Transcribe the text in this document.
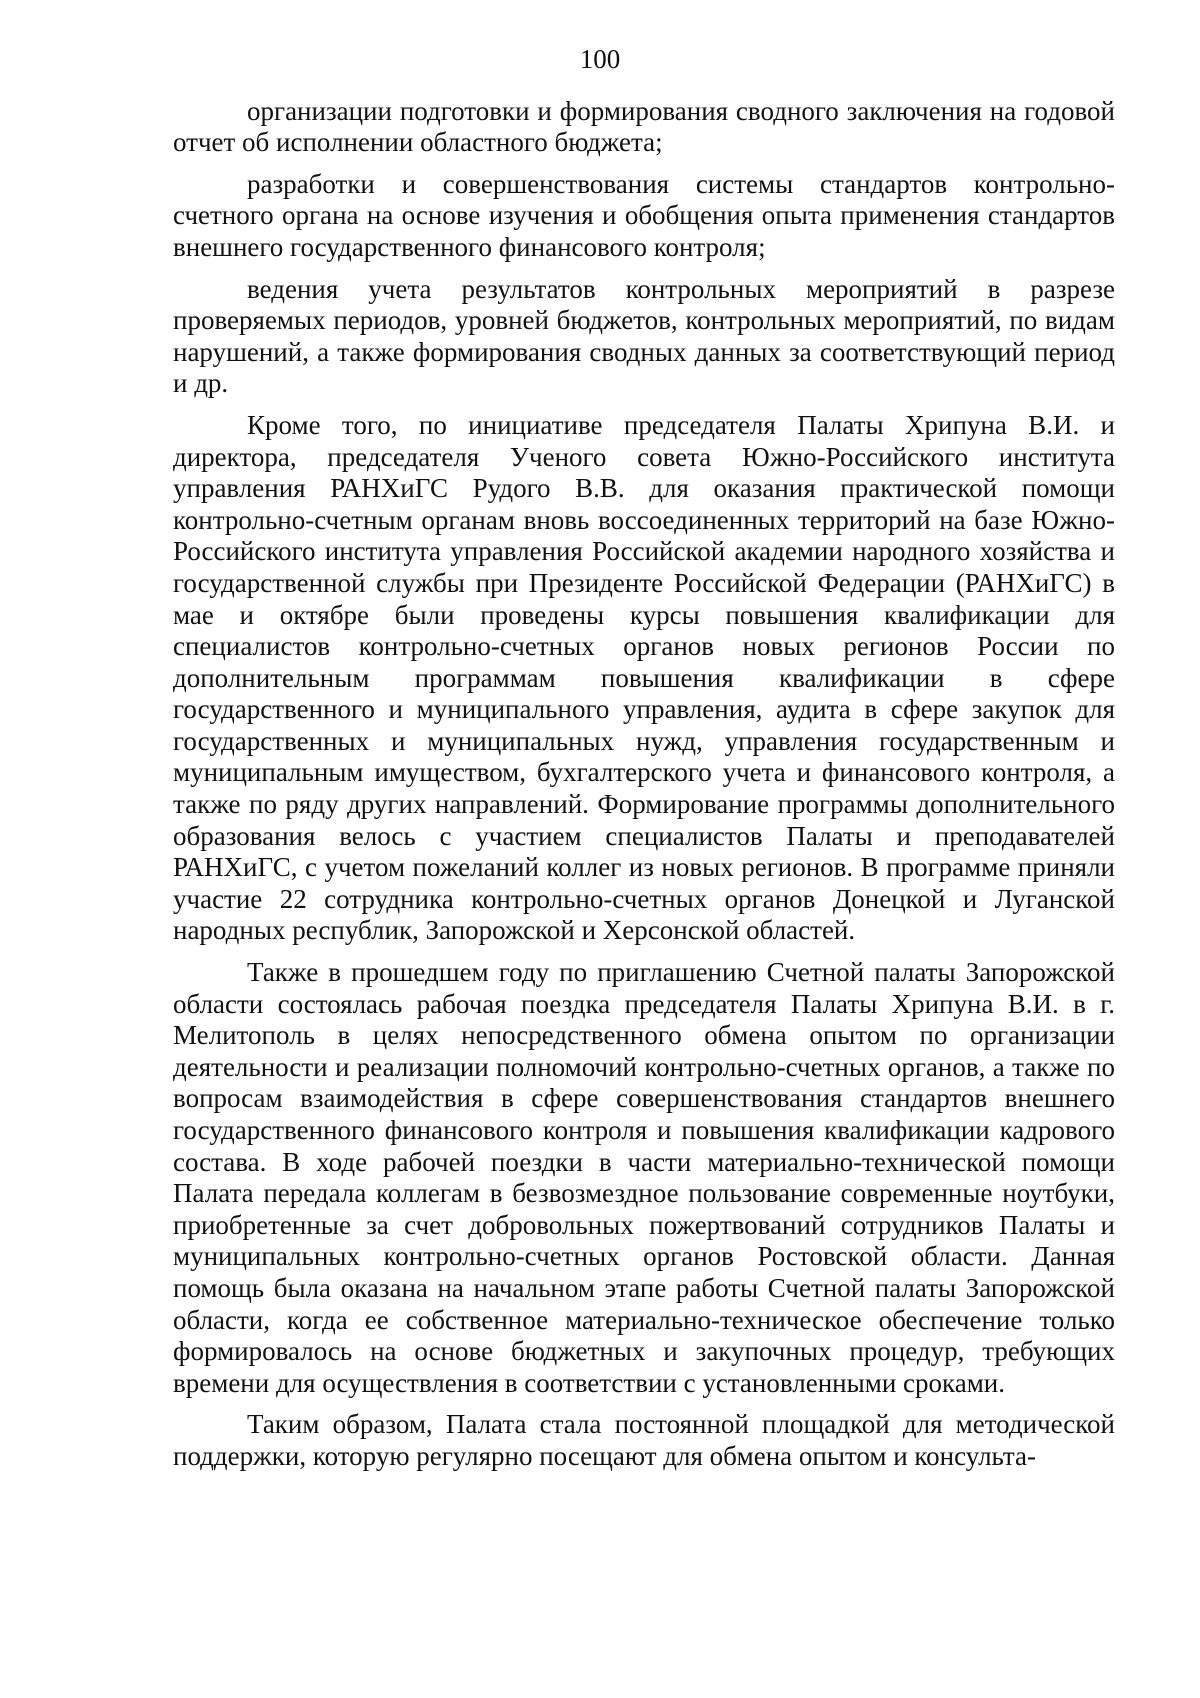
100

организации подготовки и формирования сводного заключения на годовой отчет об исполнении областного бюджета;

разработки и совершенствования системы стандартов контрольно-счетного органа на основе изучения и обобщения опыта применения стандартов внешнего государственного финансового контроля;

ведения учета результатов контрольных мероприятий в разрезе проверяемых периодов, уровней бюджетов, контрольных мероприятий, по видам нарушений, а также формирования сводных данных за соответствующий период и др.

Кроме того, по инициативе председателя Палаты Хрипуна В.И. и директора, председателя Ученого совета Южно-Российского института управления РАНХиГС Рудого В.В. для оказания практической помощи контрольно-счетным органам вновь воссоединенных территорий на базе Южно-Российского института управления Российской академии народного хозяйства и государственной службы при Президенте Российской Федерации (РАНХиГС) в мае и октябре были проведены курсы повышения квалификации для специалистов контрольно-счетных органов новых регионов России по дополнительным программам повышения квалификации в сфере государственного и муниципального управления, аудита в сфере закупок для государственных и муниципальных нужд, управления государственным и муниципальным имуществом, бухгалтерского учета и финансового контроля, а также по ряду других направлений. Формирование программы дополнительного образования велось с участием специалистов Палаты и преподавателей РАНХиГС, с учетом пожеланий коллег из новых регионов. В программе приняли участие 22 сотрудника контрольно-счетных органов Донецкой и Луганской народных республик, Запорожской и Херсонской областей.

Также в прошедшем году по приглашению Счетной палаты Запорожской области состоялась рабочая поездка председателя Палаты Хрипуна В.И. в г. Мелитополь в целях непосредственного обмена опытом по организации деятельности и реализации полномочий контрольно-счетных органов, а также по вопросам взаимодействия в сфере совершенствования стандартов внешнего государственного финансового контроля и повышения квалификации кадрового состава. В ходе рабочей поездки в части материально-технической помощи Палата передала коллегам в безвозмездное пользование современные ноутбуки, приобретенные за счет добровольных пожертвований сотрудников Палаты и муниципальных контрольно-счетных органов Ростовской области. Данная помощь была оказана на начальном этапе работы Счетной палаты Запорожской области, когда ее собственное материально-техническое обеспечение только формировалось на основе бюджетных и закупочных процедур, требующих времени для осуществления в соответствии с установленными сроками.

Таким образом, Палата стала постоянной площадкой для методической поддержки, которую регулярно посещают для обмена опытом и консульта-
